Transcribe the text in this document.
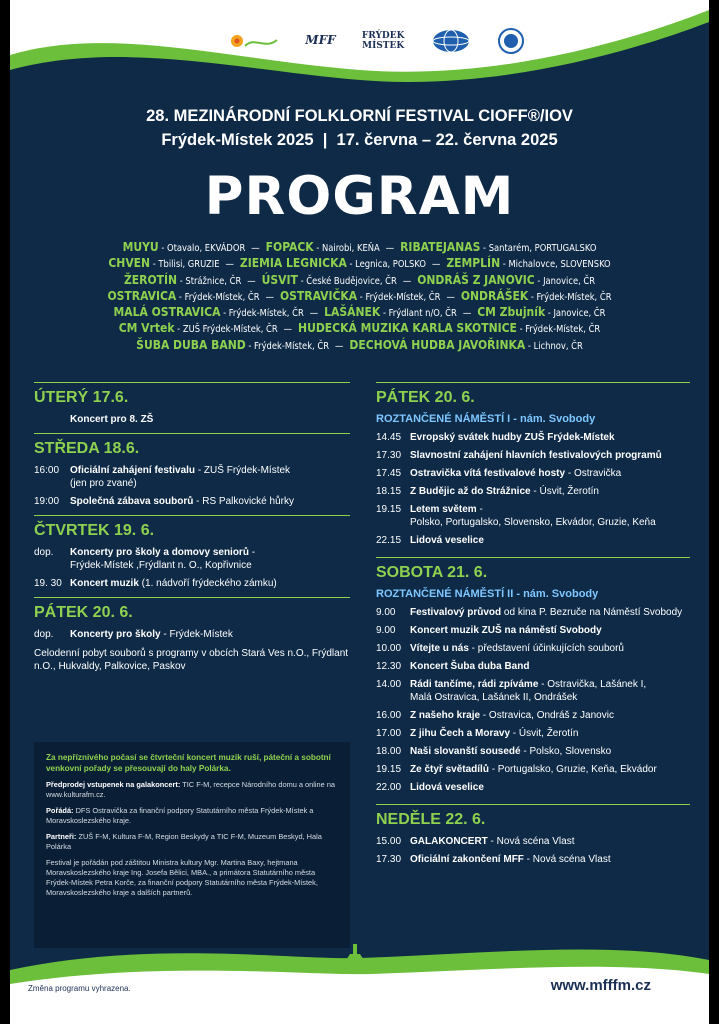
MFF	FRÝDEK
MÍSTEK
28. MEZINÁRODNÍ FOLKLORNÍ FESTIVAL CIOFF®/IOV
Frýdek-Místek 2025  |  17. června – 22. června 2025
PROGRAM
MUYU - Otavalo, EKVÁDOR — FOPACK - Nairobi, KEŇA — RIBATEJANAS - Santarém, PORTUGALSKO
CHVEN - Tbilisi, GRUZIE — ZIEMIA LEGNICKA - Legnica, POLSKO — ZEMPLÍN - Michalovce, SLOVENSKO
ŽEROTÍN - Strážnice, ČR — ÚSVIT - České Budějovice, ČR — ONDRÁŠ Z JANOVIC - Janovice, ČR
OSTRAVICA - Frýdek-Místek, ČR — OSTRAVIČKA - Frýdek-Místek, ČR — ONDRÁŠEK - Frýdek-Místek, ČR
MALÁ OSTRAVICA - Frýdek-Místek, ČR — LAŠÁNEK - Frýdlant n/O, ČR — CM Zbujník - Janovice, ČR
CM Vrtek - ZUŠ Frýdek-Místek, ČR — HUDECKÁ MUZIKA KARLA SKOTNICE - Frýdek-Místek, ČR
ŠUBA DUBA BAND - Frýdek-Místek, ČR — DECHOVÁ HUDBA JAVOŘINKA - Lichnov, ČR
ÚTERÝ 17.6.
Koncert pro 8. ZŠ
STŘEDA 18.6.
16:00	Oficiální zahájení festivalu - ZUŠ Frýdek-Místek
(jen pro zvané)
19:00	Společná zábava souborů - RS Palkovické hůrky
ČTVRTEK 19. 6.
dop.	Koncerty pro školy a domovy seniorů -
Frýdek-Místek ,Frýdlant n. O., Kopřivnice
19. 30 Koncert muzik (1. nádvoří frýdeckého zámku)
PÁTEK 20. 6.
dop.	Koncerty pro školy - Frýdek-Místek
Celodenní pobyt souborů s programy v obcích Stará Ves n.O., Frýdlant n.O., Hukvaldy, Palkovice, Paskov
Za nepříznivého počasí se čtvrteční koncert muzik ruší, páteční a sobotní venkovní pořady se přesouvají do haly Polárka.

Předprodej vstupenek na galakoncert: TIC F-M, recepce Národního domu a online na www.kulturafm.cz.

Pořádá: DFS Ostravička za finanční podpory Statutárního města Frýdek-Místek a Moravskoslezského kraje.

Partneři: ZUŠ F-M, Kultura F-M, Region Beskydy a TIC F-M, Muzeum Beskyd, Hala Polárka

Festival je pořádán pod záštitou Ministra kultury Mgr. Martina Baxy, hejtmana Moravskoslezského kraje Ing. Josefa Bělici, MBA., a primátora Statutárního města Frýdek-Místek Petra Korče, za finanční podpory Statutárního města Frýdek-Místek, Moravskoslezského kraje a dalších partnerů.

PÁTEK 20. 6.
ROZTANČENÉ NÁMĚSTÍ I - nám. Svobody
14.45 Evropský svátek hudby ZUŠ Frýdek-Místek
17.30 Slavnostní zahájení hlavních festivalových programů
17.45 Ostravička vítá festivalové hosty - Ostravička
18.15 Z Budějic až do Strážnice - Úsvit, Žerotín
19.15 Letem světem -
Polsko, Portugalsko, Slovensko, Ekvádor, Gruzie, Keňa
22.15 Lidová veselice
SOBOTA 21. 6.
ROZTANČENÉ NÁMĚSTÍ II - nám. Svobody
9.00	Festivalový průvod od kina P. Bezruče na Náměstí Svobody
9.00	Koncert muzik ZUŠ na náměstí Svobody
10.00 Vítejte u nás - představení účinkujících souborů
12.30 Koncert Šuba duba Band
14.00 Rádi tančíme, rádi zpíváme - Ostravička, Lašánek I,
Malá Ostravica, Lašánek II, Ondrášek
16.00 Z našeho kraje - Ostravica, Ondráš z Janovic
17.00 Z jihu Čech a Moravy - Úsvit, Žerotín
18.00 Naši slovanští sousedé - Polsko, Slovensko
19.15 Ze čtyř světadílů - Portugalsko, Gruzie, Keňa, Ekvádor
22.00 Lidová veselice
NEDĚLE 22. 6.
15.00 GALAKONCERT - Nová scéna Vlast
17.30 Oficiální zakončení MFF - Nová scéna Vlast
Změna programu vyhrazena.	www.mfffm.cz
